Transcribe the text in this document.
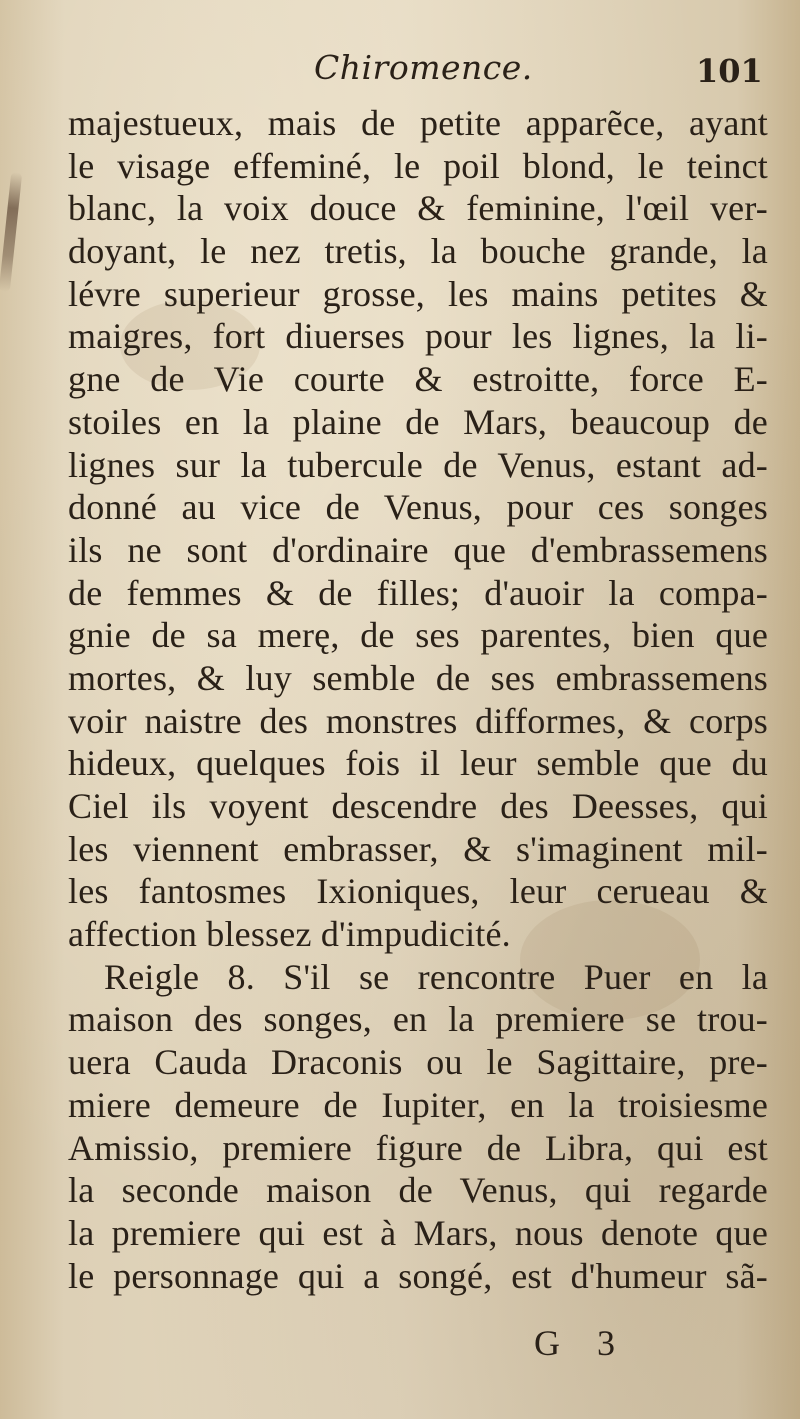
Chiromence.	101
majestueux, mais de petite apparẽce, ayant
le visage effeminé, le poil blond, le teinct
blanc, la voix douce & feminine, l'œil ver-
doyant, le nez tretis, la bouche grande, la
lévre superieur grosse, les mains petites &
maigres, fort diuerses pour les lignes, la li-
gne de Vie courte & estroitte, force E-
stoiles en la plaine de Mars, beaucoup de
lignes sur la tubercule de Venus, estant ad-
donné au vice de Venus, pour ces songes
ils ne sont d'ordinaire que d'embrassemens
de femmes & de filles; d'auoir la compa-
gnie de sa merę, de ses parentes, bien que
mortes, & luy semble de ses embrassemens
voir naistre des monstres difformes, & corps
hideux, quelques fois il leur semble que du
Ciel ils voyent descendre des Deesses, qui
les viennent embrasser, & s'imaginent mil-
les fantosmes Ixioniques, leur cerueau &
affection blessez d'impudicité.
Reigle 8. S'il se rencontre Puer en la
maison des songes, en la premiere se trou-
uera Cauda Draconis ou le Sagittaire, pre-
miere demeure de Iupiter, en la troisiesme
Amissio, premiere figure de Libra, qui est
la seconde maison de Venus, qui regarde
la premiere qui est à Mars, nous denote que
le personnage qui a songé, est d'humeur sã-
G 3
